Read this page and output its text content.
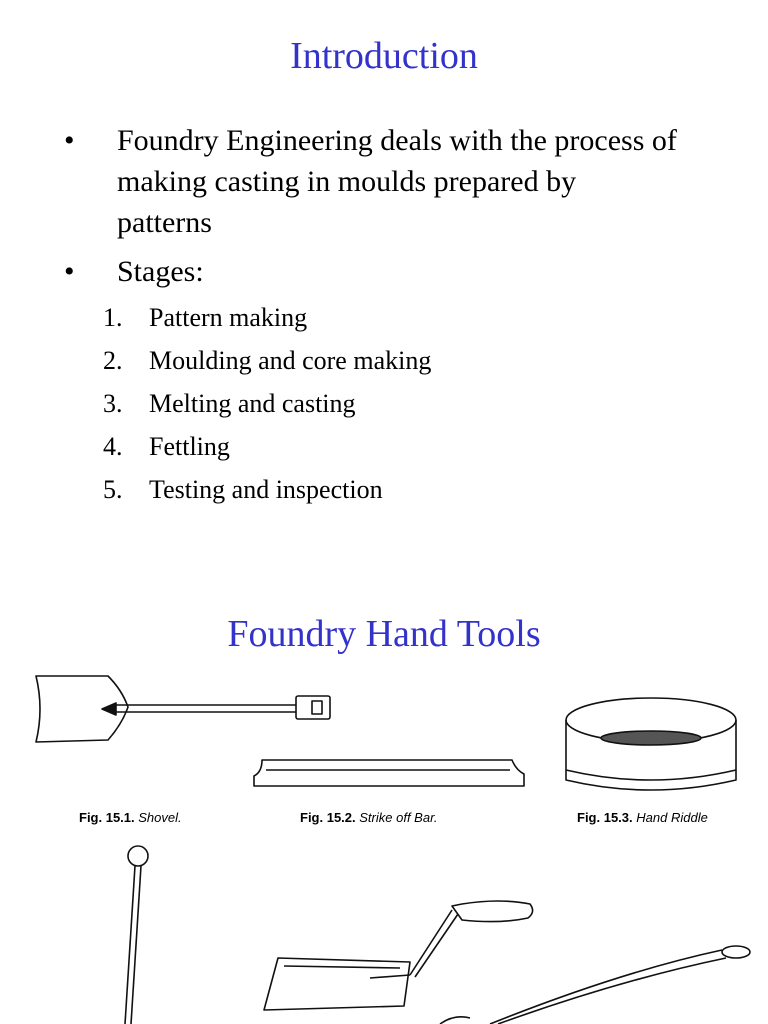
Introduction
•	Foundry Engineering deals with the process of making casting in moulds prepared by patterns
•	Stages:
1.	Pattern making
2.	Moulding and core making
3.	Melting and casting
4.	Fettling
5.	Testing and inspection
Foundry Hand Tools
Fig. 15.1. Shovel.	Fig. 15.2. Strike off Bar.	Fig. 15.3. Hand Riddle
